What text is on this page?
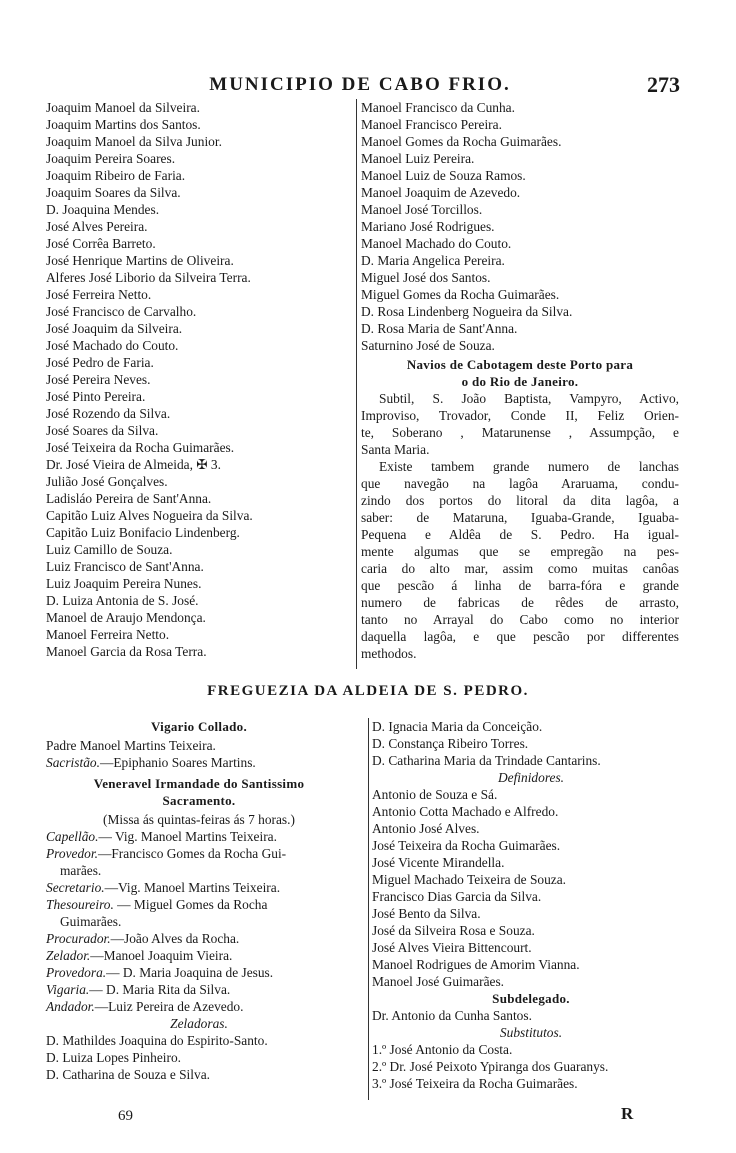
MUNICIPIO DE CABO FRIO.	273
Joaquim Manoel da Silveira.
Joaquim Martins dos Santos.
Joaquim Manoel da Silva Junior.
Joaquim Pereira Soares.
Joaquim Ribeiro de Faria.
Joaquim Soares da Silva.
D. Joaquina Mendes.
José Alves Pereira.
José Corrêa Barreto.
José Henrique Martins de Oliveira.
Alferes José Liborio da Silveira Terra.
José Ferreira Netto.
José Francisco de Carvalho.
José Joaquim da Silveira.
José Machado do Couto.
José Pedro de Faria.
José Pereira Neves.
José Pinto Pereira.
José Rozendo da Silva.
José Soares da Silva.
José Teixeira da Rocha Guimarães.
Dr. José Vieira de Almeida, ✠ 3.
Julião José Gonçalves.
Ladisláo Pereira de Sant'Anna.
Capitão Luiz Alves Nogueira da Silva.
Capitão Luiz Bonifacio Lindenberg.
Luiz Camillo de Souza.
Luiz Francisco de Sant'Anna.
Luiz Joaquim Pereira Nunes.
D. Luiza Antonia de S. José.
Manoel de Araujo Mendonça.
Manoel Ferreira Netto.
Manoel Garcia da Rosa Terra.
Manoel Francisco da Cunha.
Manoel Francisco Pereira.
Manoel Gomes da Rocha Guimarães.
Manoel Luiz Pereira.
Manoel Luiz de Souza Ramos.
Manoel Joaquim de Azevedo.
Manoel José Torcillos.
Mariano José Rodrigues.
Manoel Machado do Couto.
D. Maria Angelica Pereira.
Miguel José dos Santos.
Miguel Gomes da Rocha Guimarães.
D. Rosa Lindenberg Nogueira da Silva.
D. Rosa Maria de Sant'Anna.
Saturnino José de Souza.
Navios de Cabotagem deste Porto para
o do Rio de Janeiro.
Subtil, S. João Baptista, Vampyro, Activo,
Improviso, Trovador, Conde II, Feliz Orien-
te, Soberano , Matarunense , Assumpção, e
Santa Maria.
Existe tambem grande numero de lanchas
que navegão na lagôa Araruama, condu-
zindo dos portos do litoral da dita lagôa, a
saber: de Mataruna, Iguaba-Grande, Iguaba-
Pequena e Aldêa de S. Pedro. Ha igual-
mente algumas que se empregão na pes-
caria do alto mar, assim como muitas canôas
que pescão á linha de barra-fóra e grande
numero de fabricas de rêdes de arrasto,
tanto no Arrayal do Cabo como no interior
daquella lagôa, e que pescão por differentes
methodos.
FREGUEZIA DA ALDEIA DE S. PEDRO.
Vigario Collado.
Padre Manoel Martins Teixeira.
Sacristão.—Epiphanio Soares Martins.
Veneravel Irmandade do Santissimo
Sacramento.
(Missa ás quintas-feiras ás 7 horas.)
Capellão.— Vig. Manoel Martins Teixeira.
Provedor.—Francisco Gomes da Rocha Gui-
marães.
Secretario.—Vig. Manoel Martins Teixeira.
Thesoureiro. — Miguel Gomes da Rocha
Guimarães.
Procurador.—João Alves da Rocha.
Zelador.—Manoel Joaquim Vieira.
Provedora.— D. Maria Joaquina de Jesus.
Vigaria.— D. Maria Rita da Silva.
Andador.—Luiz Pereira de Azevedo.
Zeladoras.
D. Mathildes Joaquina do Espirito-Santo.
D. Luiza Lopes Pinheiro.
D. Catharina de Souza e Silva.
D. Ignacia Maria da Conceição.
D. Constança Ribeiro Torres.
D. Catharina Maria da Trindade Cantarins.
Definidores.
Antonio de Souza e Sá.
Antonio Cotta Machado e Alfredo.
Antonio José Alves.
José Teixeira da Rocha Guimarães.
José Vicente Mirandella.
Miguel Machado Teixeira de Souza.
Francisco Dias Garcia da Silva.
José Bento da Silva.
José da Silveira Rosa e Souza.
José Alves Vieira Bittencourt.
Manoel Rodrigues de Amorim Vianna.
Manoel José Guimarães.
Subdelegado.
Dr. Antonio da Cunha Santos.
Substitutos.
1.º José Antonio da Costa.
2.º Dr. José Peixoto Ypiranga dos Guaranys.
3.º José Teixeira da Rocha Guimarães.
69	R
